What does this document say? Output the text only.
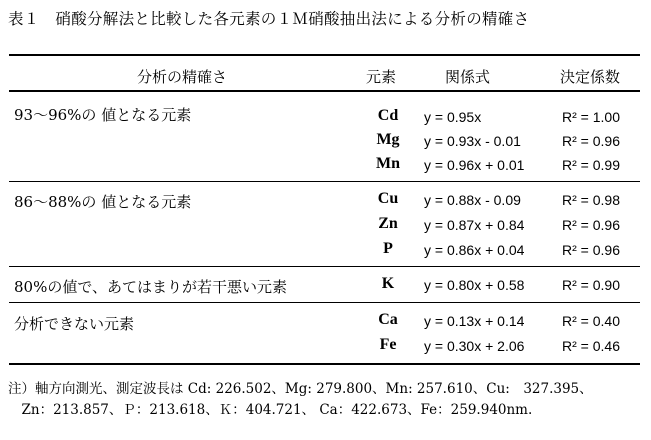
表１　硝酸分解法と比較した各元素の１Ｍ硝酸抽出法による分析の精確さ
分析の精確さ	元素	関係式	決定係数
93〜96%の 値となる元素	Cd	y = 0.95x	R² = 1.00
Mg	y = 0.93x - 0.01	R² = 0.96
Mn y = 0.96x + 0.01	R² = 0.99
86〜88%の 値となる元素	Cu	y = 0.88x - 0.09	R² = 0.98
Zn	y = 0.87x + 0.84	R² = 0.96
P	y = 0.86x + 0.04	R² = 0.96
80%の値で、あてはまりが若干悪い元素	K	y = 0.80x + 0.58	R² = 0.90
分析できない元素	Ca	y = 0.13x + 0.14	R² = 0.40
Fe	y = 0.30x + 2.06	R² = 0.46
注）軸方向測光、測定波長は Cd: 226.502、Mg: 279.800、Mn: 257.610、Cu:　327.395、
　Zn：213.857、Ｐ：213.618、Ｋ：404.721、 Ca：422.673、Fe：259.940nm.
